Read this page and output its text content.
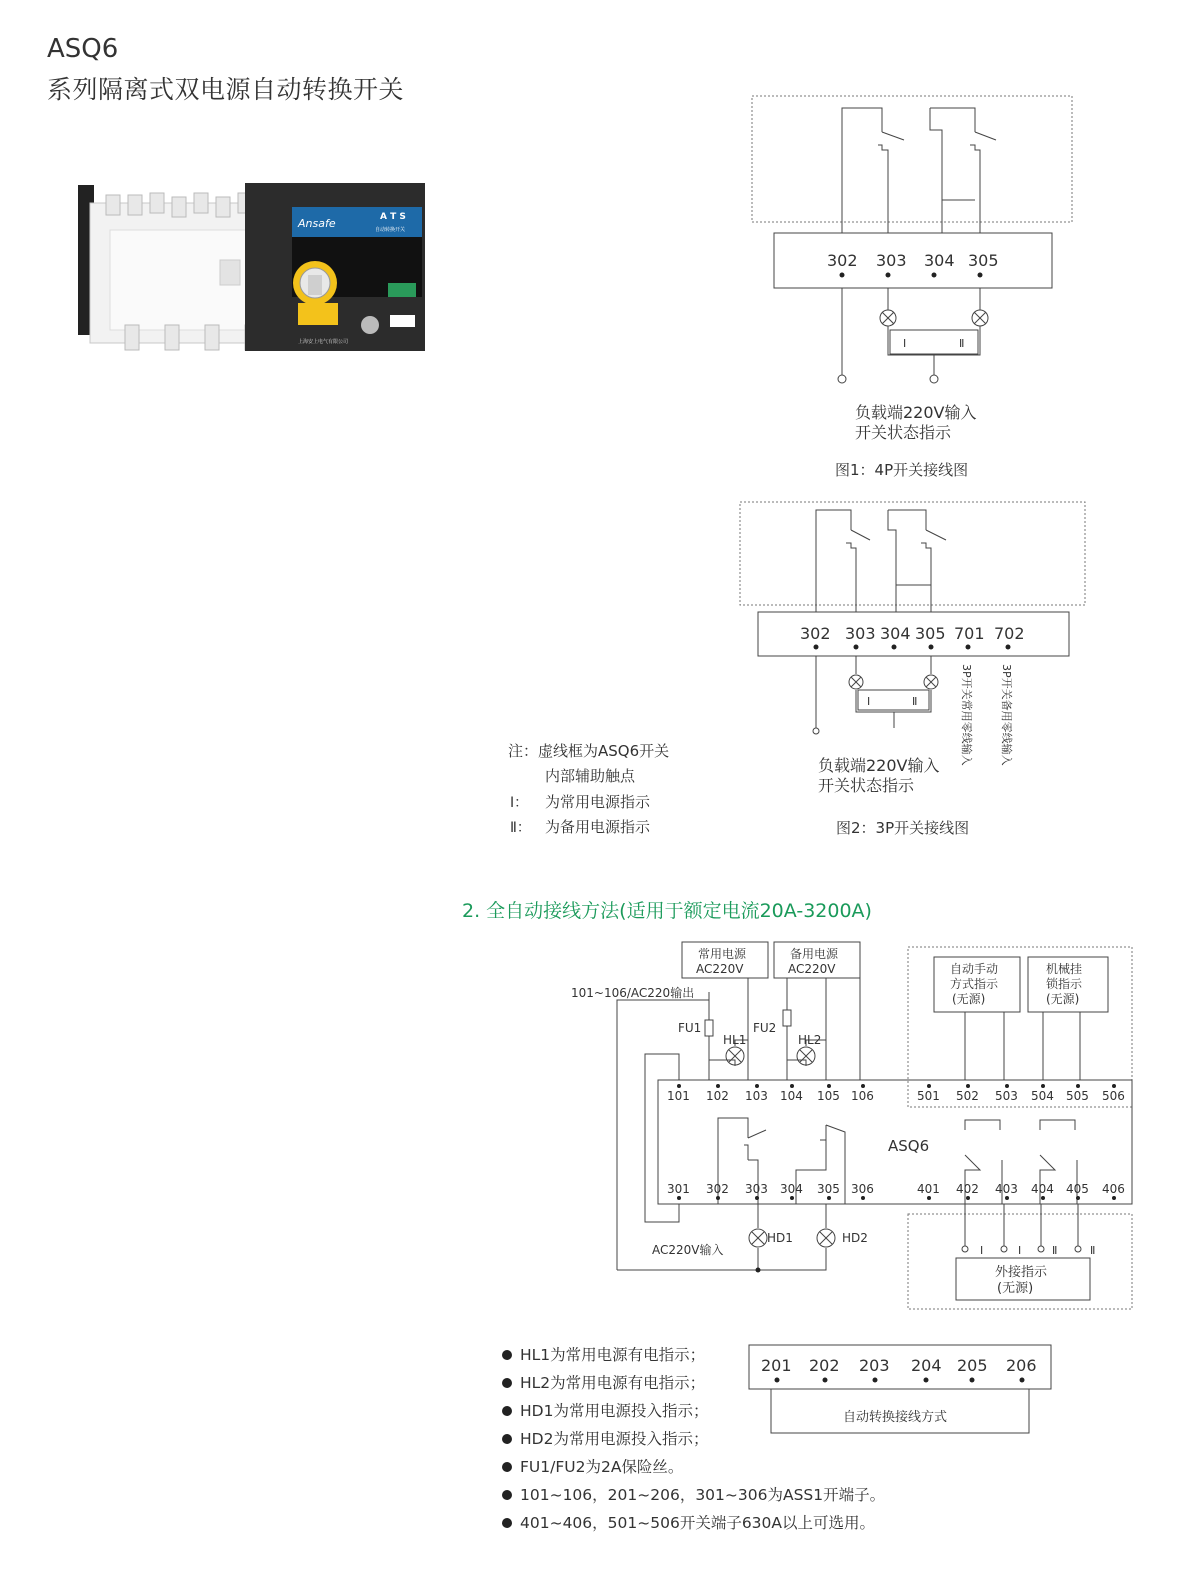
ASQ6
系列隔离式双电源自动转换开关
Ansafe	A T S
自动转换开关
上海安上电气有限公司
302 303 304 305
Ⅰ	Ⅱ
负载端220V输入
开关状态指示
图1：4P开关接线图
302 303 304 305 701 702
Ⅰ	Ⅱ	3P开关常用零线输入 3P开关备用零线输入
负载端220V输入
开关状态指示
图2：3P开关接线图
注：虚线框为ASQ6开关
内部辅助触点
Ⅰ： 为常用电源指示
Ⅱ： 为备用电源指示
2. 全自动接线方法(适用于额定电流20A-3200A)
常用电源
AC220V
备用电源
AC220V	自动手动
方式指示
(无源)
机械挂
锁指示
(无源)
101~106/AC220输出
FU1	FU2
HL1	HL2
HD1	HD2
AC220V输入
ASQ6
101 102 103 104 105 106	501 502 503 504 505 506
301 302 303 304 305 306	401 402 403 404 405 406
Ⅰ	Ⅰ	Ⅱ	Ⅱ
外接指示
(无源)
201 202 203 204 205 206
自动转换接线方式
HL1为常用电源有电指示；
HL2为常用电源有电指示；
HD1为常用电源投入指示；
HD2为常用电源投入指示；
FU1/FU2为2A保险丝。
101~106，201~206，301~306为ASS1开端子。
401~406，501~506开关端子630A以上可选用。
